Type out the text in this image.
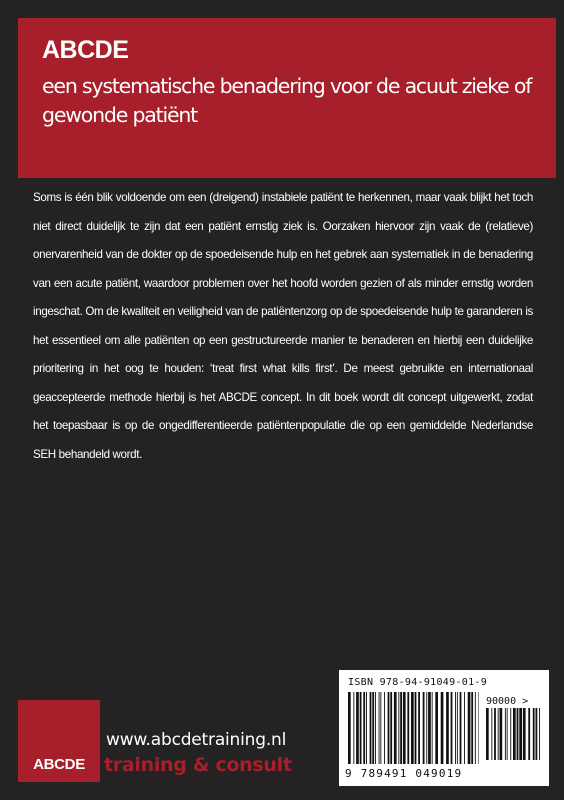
ABCDE
een systematische benadering voor de acuut zieke of gewonde patiënt

Soms is één blik voldoende om een (dreigend) instabiele patiënt te herkennen, maar vaak blijkt het toch niet direct duidelijk te zijn dat een patiënt ernstig ziek is. Oorzaken hiervoor zijn vaak de (relatieve) onervarenheid van de dokter op de spoedeisende hulp en het gebrek aan systematiek in de benadering van een acute patiënt, waardoor problemen over het hoofd worden gezien of als minder ernstig worden ingeschat. Om de kwaliteit en veiligheid van de patiëntenzorg op de spoedeisende hulp te garanderen is het essentieel om alle patiënten op een gestructureerde manier te benaderen en hierbij een duidelijke prioritering in het oog te houden: ‘treat first what kills first’. De meest gebruikte en internationaal geaccepteerde methode hierbij is het ABCDE concept. In dit boek wordt dit concept uitgewerkt, zodat het toepasbaar is op de ongedifferentieerde patiëntenpopulatie die op een gemiddelde Nederlandse SEH behandeld wordt.

ABCDE
www.abcdetraining.nl
training & consult
ISBN 978-94-91049-01-9
90000 >
9 789491 049019
